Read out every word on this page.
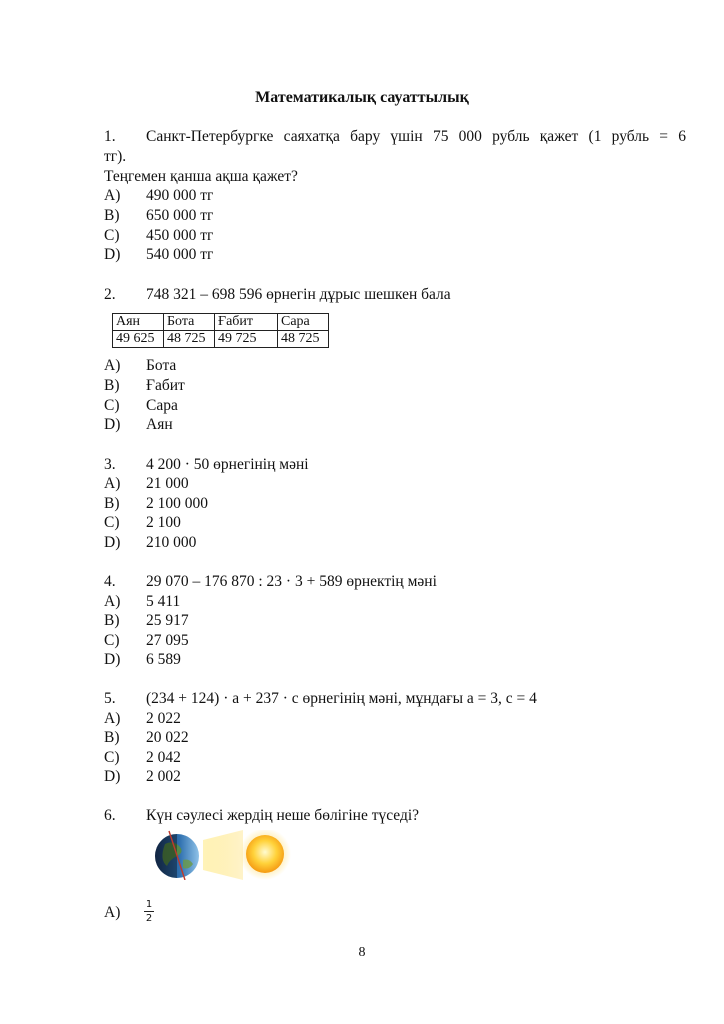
Математикалық сауаттылық
1. Санкт-Петербургке саяхатқа бару үшін 75 000 рубль қажет (1 рубль = 6
тг).
Теңгемен қанша ақша қажет?
A) 490 000 тг
B) 650 000 тг
C) 450 000 тг
D) 540 000 тг
2. 748 321 – 698 596 өрнегін дұрыс шешкен бала
Аян	Бота	Ғабит	Сара
49 625	48 725	49 725	48 725
A) Бота
B) Ғабит
C) Сара
D) Аян
3. 4 200 · 50 өрнегінің мәні
A) 21 000
B) 2 100 000
C) 2 100
D) 210 000
4. 29 070 – 176 870 : 23 · 3 + 589 өрнектің мәні
A) 5 411
B) 25 917
C) 27 095
D) 6 589
5. (234 + 124) · a + 237 · c өрнегінің мәні, мұндағы a = 3, c = 4
A) 2 022
B) 20 022
C) 2 042
D) 2 002
6. Күн сәулесі жердің неше бөлігіне түседі?
A)	1
2
8
